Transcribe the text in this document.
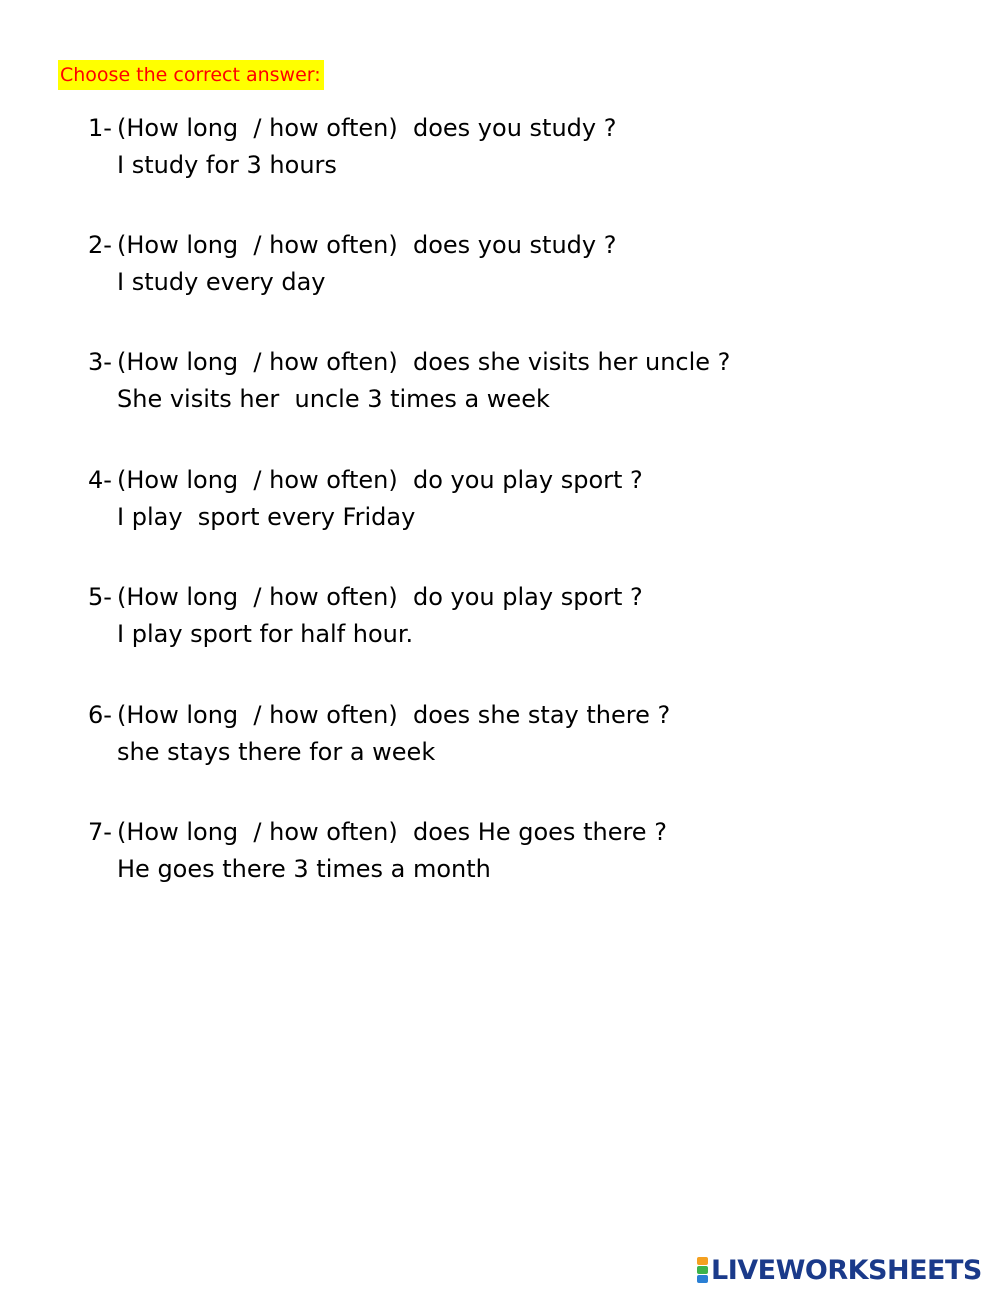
Choose the correct answer:
1- (How long  / how often) does you study ?
I study for 3 hours
2- (How long  / how often) does you study ?
I study every day
3- (How long  / how often) does she visits her uncle ?
She visits her  uncle 3 times a week
4- (How long  / how often) do you play sport ?
I play  sport every Friday
5- (How long  / how often) do you play sport ?
I play sport for half hour.
6- (How long  / how often) does she stay there ?
she stays there for a week
7- (How long  / how often) does He goes there ?
He goes there 3 times a month
LIVEWORKSHEETS
